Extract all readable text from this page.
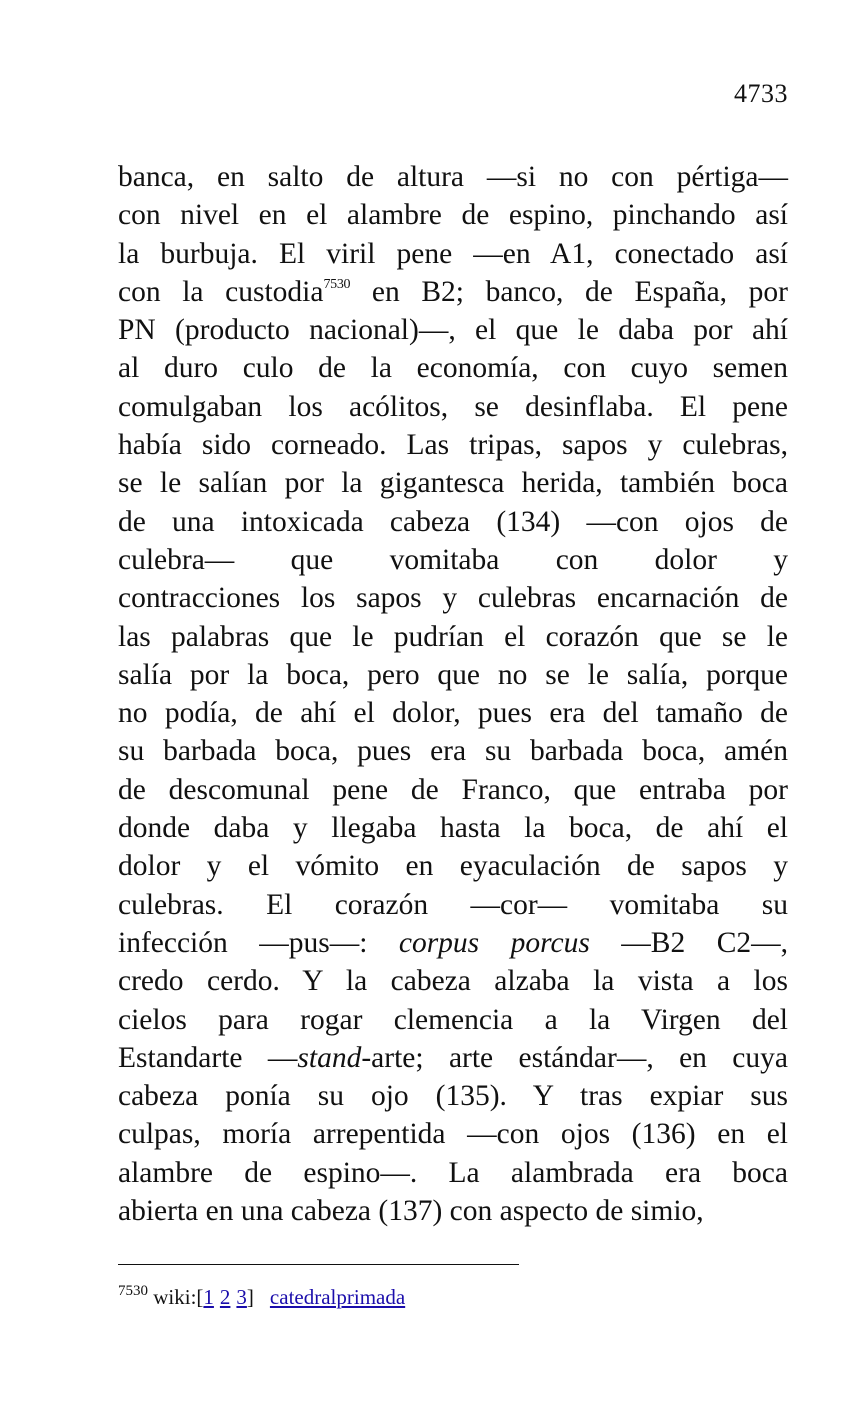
4733
banca, en salto de altura —si no con pértiga—
con nivel en el alambre de espino, pinchando así
la burbuja. El viril pene —en A1, conectado así
con la custodia$^{7530}$ en B2; banco, de España, por
PN (producto nacional)—, el que le daba por ahí
al duro culo de la economía, con cuyo semen
comulgaban los acólitos, se desinflaba. El pene
había sido corneado. Las tripas, sapos y culebras,
se le salían por la gigantesca herida, también boca
de una intoxicada cabeza (134) —con ojos de
culebra— que vomitaba con dolor y
contracciones los sapos y culebras encarnación de
las palabras que le pudrían el corazón que se le
salía por la boca, pero que no se le salía, porque
no podía, de ahí el dolor, pues era del tamaño de
su barbada boca, pues era su barbada boca, amén
de descomunal pene de Franco, que entraba por
donde daba y llegaba hasta la boca, de ahí el
dolor y el vómito en eyaculación de sapos y
culebras. El corazón —cor— vomitaba su
infección —pus—: corpus porcus —B2 C2—,
credo cerdo. Y la cabeza alzaba la vista a los
cielos para rogar clemencia a la Virgen del
Estandarte —stand-arte; arte estándar—, en cuya
cabeza ponía su ojo (135). Y tras expiar sus
culpas, moría arrepentida —con ojos (136) en el
alambre de espino—. La alambrada era boca
abierta en una cabeza (137) con aspecto de simio,
$^{7530}$ wiki:[1 2 3] catedralprimada
